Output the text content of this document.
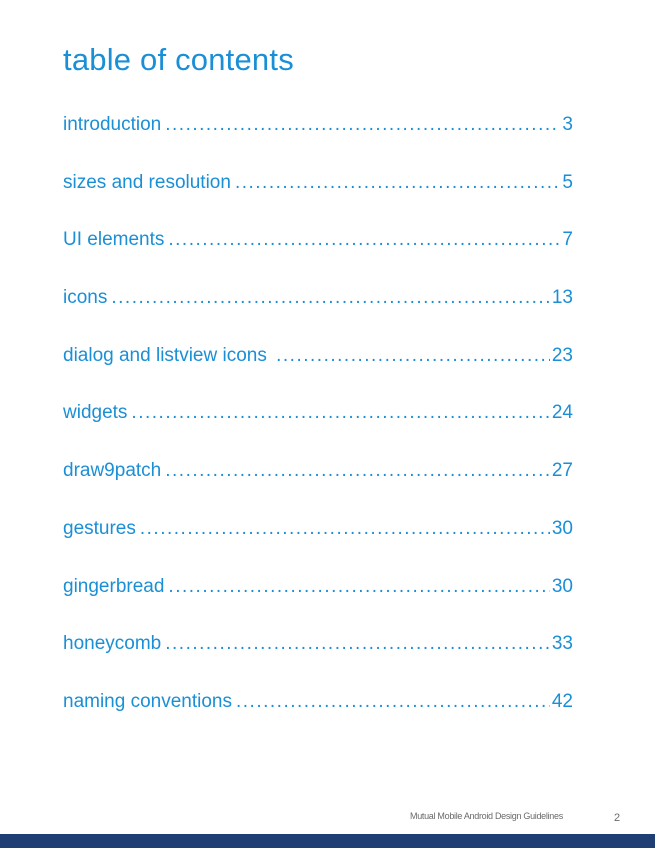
table of contents
introduction .....	3
sizes and resolution .....	5
UI elements .....	7
icons .....	13
dialog and listview icons .....	23
widgets .....	24
draw9patch .....	27
gestures .....	30
gingerbread .....	30
honeycomb .....	33
naming conventions .....	42
Mutual Mobile Android Design Guidelines	2
